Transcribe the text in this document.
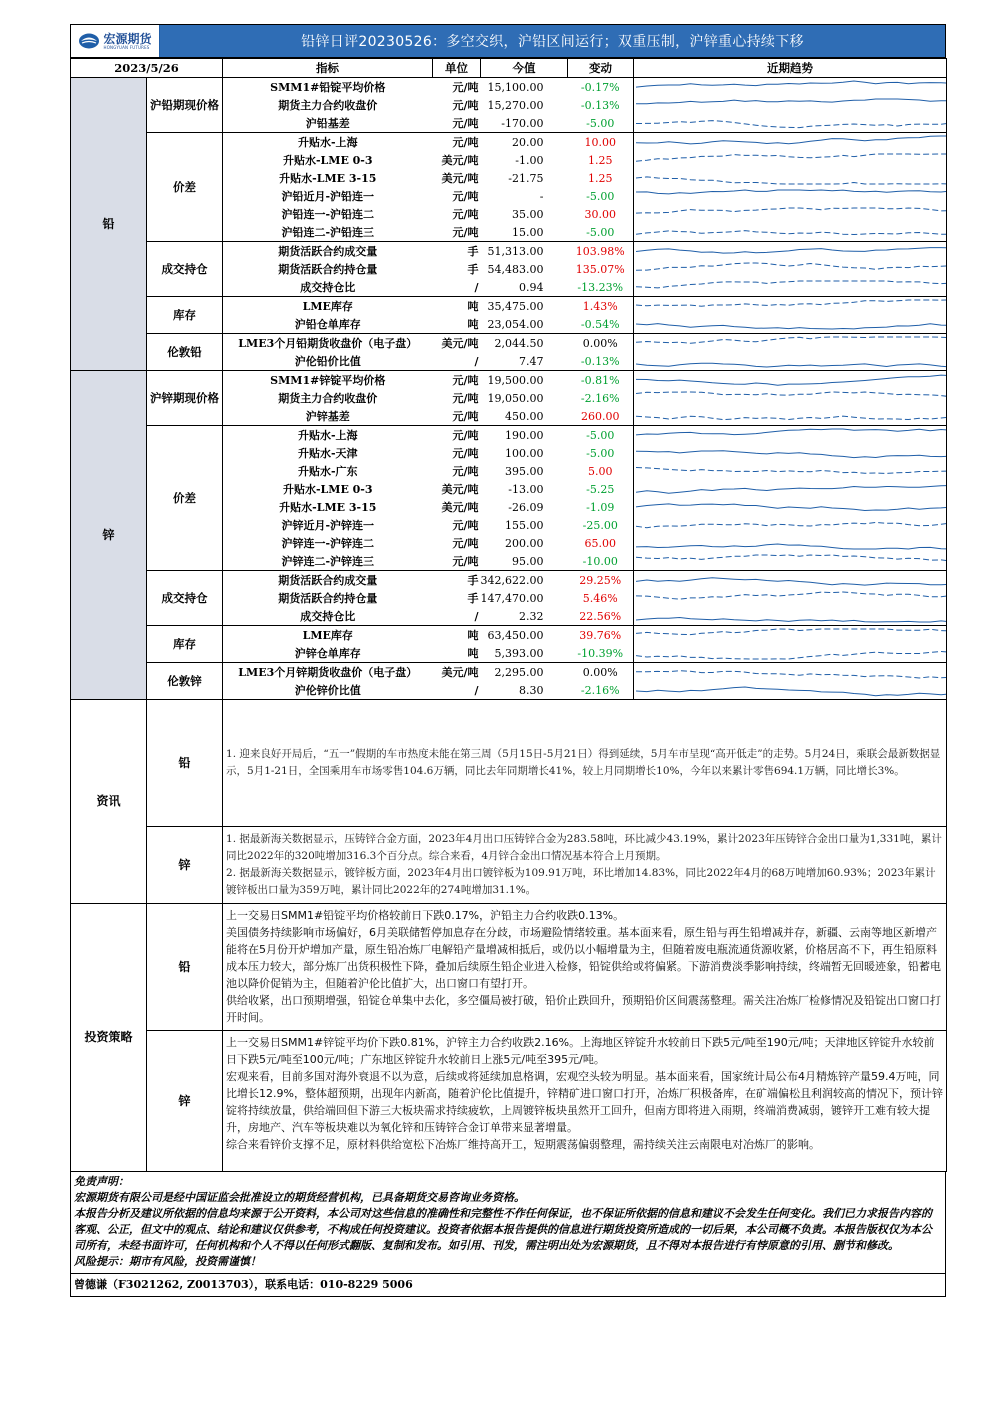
宏源期货
HONGYUAN FUTURES	铅锌日评20230526：多空交织，沪铅区间运行；双重压制，沪锌重心持续下移
2023/5/26		指标	单位	今值	变动	近期趋势
铅	沪铅期现价格	SMM1#铅锭平均价格	元/吨	15,100.00	-0.17%	

		期货主力合约收盘价	元/吨	15,270.00	-0.13%	

		沪铅基差	元/吨	-170.00	-5.00	

	价差	升贴水-上海	元/吨	20.00	10.00	

		升贴水-LME 0-3	美元/吨	-1.00	1.25	

		升贴水-LME 3-15	美元/吨	-21.75	1.25	

		沪铅近月-沪铅连一	元/吨	-	-5.00	

		沪铅连一-沪铅连二	元/吨	35.00	30.00	

		沪铅连二-沪铅连三	元/吨	15.00	-5.00	

	成交持仓	期货活跃合约成交量	手	51,313.00	103.98%	

		期货活跃合约持仓量	手	54,483.00	135.07%	

		成交持仓比	/	0.94	-13.23%	

	库存	LME库存	吨	35,475.00	1.43%	

		沪铅仓单库存	吨	23,054.00	-0.54%	

	伦敦铅	LME3个月铅期货收盘价（电子盘）	美元/吨	2,044.50	0.00%	

		沪伦铅价比值	/	7.47	-0.13%	

锌	沪锌期现价格	SMM1#锌锭平均价格	元/吨	19,500.00	-0.81%	

		期货主力合约收盘价	元/吨	19,050.00	-2.16%	

		沪锌基差	元/吨	450.00	260.00	

	价差	升贴水-上海	元/吨	190.00	-5.00	

		升贴水-天津	元/吨	100.00	-5.00	

		升贴水-广东	元/吨	395.00	5.00	

		升贴水-LME 0-3	美元/吨	-13.00	-5.25	

		升贴水-LME 3-15	美元/吨	-26.09	-1.09	

		沪锌近月-沪锌连一	元/吨	155.00	-25.00	

		沪锌连一-沪锌连二	元/吨	200.00	65.00	

		沪锌连二-沪锌连三	元/吨	95.00	-10.00	

	成交持仓	期货活跃合约成交量	手	342,622.00	29.25%	

		期货活跃合约持仓量	手	147,470.00	5.46%	

		成交持仓比	/	2.32	22.56%	

	库存	LME库存	吨	63,450.00	39.76%	

		沪锌仓单库存	吨	5,393.00	-10.39%	

	伦敦锌	LME3个月锌期货收盘价（电子盘）	美元/吨	2,295.00	0.00%	

		沪伦锌价比值	/	8.30	-2.16%	

资讯	铅	1. 迎来良好开局后，“五一”假期的车市热度未能在第三周（5月15日-5月21日）得到延续，5月车市呈现“高开低走”的走势。5月24日，乘联会最新数据显示，5月1-21日，全国乘用车市场零售104.6万辆，同比去年同期增长41%，较上月同期增长10%，今年以来累计零售694.1万辆，同比增长3%。				
	锌	1. 据最新海关数据显示，压铸锌合金方面，2023年4月出口压铸锌合金为283.58吨，环比减少43.19%，累计2023年压铸锌合金出口量为1,331吨，累计同比2022年的320吨增加316.3个百分点。综合来看，4月锌合金出口情况基本符合上月预期。
2. 据最新海关数据显示，镀锌板方面，2023年4月出口镀锌板为109.91万吨，环比增加14.83%，同比2022年4月的68万吨增加60.93%；2023年累计镀锌板出口量为359万吨，累计同比2022年的274吨增加31.1%。				
投资策略	铅	上一交易日SMM1#铅锭平均价格较前日下跌0.17%，沪铅主力合约收跌0.13%。
美国债务持续影响市场偏好，6月美联储暂停加息存在分歧，市场避险情绪较重。基本面来看，原生铅与再生铅增减并存，新疆、云南等地区新增产能将在5月份开炉增加产量，原生铅冶炼厂电解铅产量增减相抵后，或仍以小幅增量为主，但随着废电瓶流通货源收紧，价格居高不下，再生铅原料成本压力较大，部分炼厂出货积极性下降，叠加后续原生铅企业进入检修，铅锭供给或将偏紧。下游消费淡季影响持续，终端暂无回暖迹象，铅蓄电池以降价促销为主，但随着沪伦比值扩大，出口窗口有望打开。
供给收紧，出口预期增强，铅锭仓单集中去化，多空僵局被打破，铅价止跌回升，预期铅价区间震荡整理。需关注冶炼厂检修情况及铅锭出口窗口打开时间。				
	锌	上一交易日SMM1#锌锭平均价下跌0.81%，沪锌主力合约收跌2.16%。上海地区锌锭升水较前日下跌5元/吨至190元/吨；天津地区锌锭升水较前日下跌5元/吨至100元/吨；广东地区锌锭升水较前日上涨5元/吨至395元/吨。
宏观来看，目前多国对海外衰退不以为意，后续或将延续加息格调，宏观空头较为明显。基本面来看，国家统计局公布4月精炼锌产量59.4万吨，同比增长12.9%，整体超预期，出现年内新高，随着沪伦比值提升，锌精矿进口窗口打开，冶炼厂积极备库，在矿端偏松且利润较高的情况下，预计锌锭将持续放量，供给端回但下游三大板块需求持续疲软，上周镀锌板块虽然开工回升，但南方即将进入雨期，终端消费减弱，镀锌开工难有较大提升，房地产、汽车等板块难以为氧化锌和压铸锌合金订单带来显著增量。
综合来看锌价支撑不足，原材料供给宽松下冶炼厂维持高开工，短期震荡偏弱整理，需持续关注云南限电对冶炼厂的影响。				
免责声明：
宏源期货有限公司是经中国证监会批准设立的期货经营机构，已具备期货交易咨询业务资格。
本报告分析及建议所依据的信息均来源于公开资料，本公司对这些信息的准确性和完整性不作任何保证，也不保证所依据的信息和建议不会发生任何变化。我们已力求报告内容的客观、公正，但文中的观点、结论和建议仅供参考，不构成任何投资建议。投资者依据本报告提供的信息进行期货投资所造成的一切后果，本公司概不负责。本报告版权仅为本公司所有，未经书面许可，任何机构和个人不得以任何形式翻版、复制和发布。如引用、刊发，需注明出处为宏源期货，且不得对本报告进行有悖原意的引用、删节和修改。
风险提示：期市有风险，投资需谨慎！
曾德谦（F3021262, Z0013703），联系电话：010-8229 5006
